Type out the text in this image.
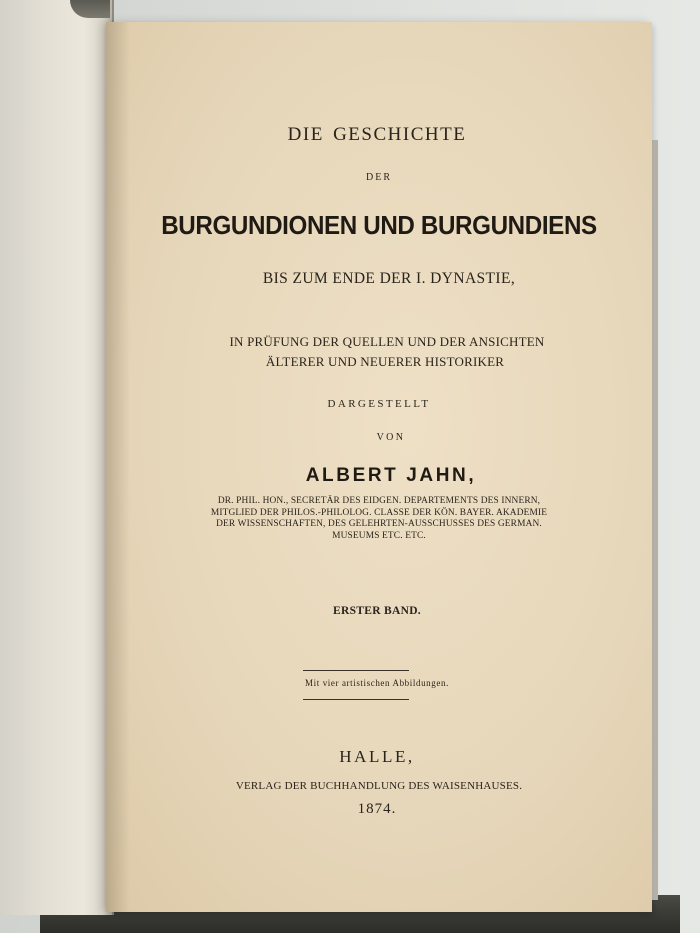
DIE GESCHICHTE
DER
BURGUNDIONEN UND BURGUNDIENS
BIS ZUM ENDE DER I. DYNASTIE,
IN PRÜFUNG DER QUELLEN UND DER ANSICHTEN
ÄLTERER UND NEUERER HISTORIKER
DARGESTELLT
VON
ALBERT JAHN,
DR. PHIL. HON., SECRETÄR DES EIDGEN. DEPARTEMENTS DES INNERN,
MITGLIED DER PHILOS.-PHILOLOG. CLASSE DER KÖN. BAYER. AKADEMIE
DER WISSENSCHAFTEN, DES GELEHRTEN-AUSSCHUSSES DES GERMAN.
MUSEUMS ETC. ETC.
ERSTER BAND.
Mit vier artistischen Abbildungen.
HALLE,
VERLAG DER BUCHHANDLUNG DES WAISENHAUSES.
1874.
